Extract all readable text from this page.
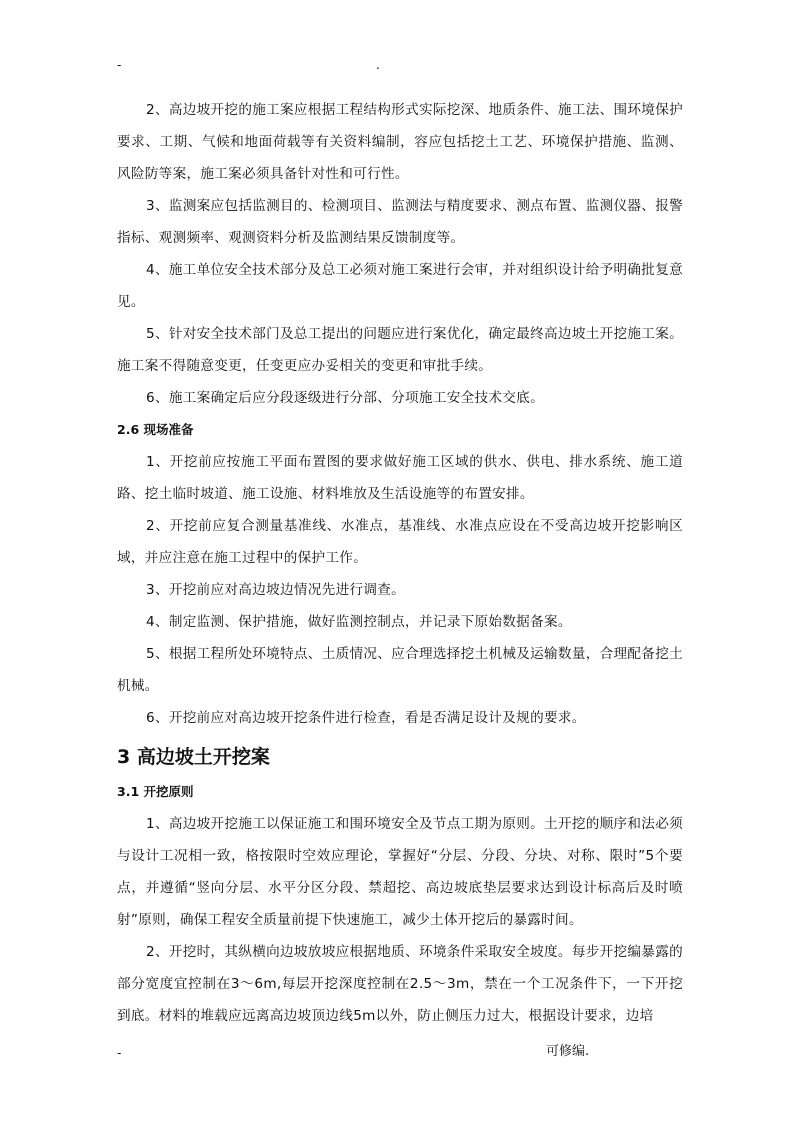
-	.

2、高边坡开挖的施工案应根据工程结构形式实际挖深、地质条件、施工法、围环境保护要求、工期、气候和地面荷载等有关资料编制，容应包括挖土工艺、环境保护措施、监测、风险防等案，施工案必须具备针对性和可行性。

3、监测案应包括监测目的、检测项目、监测法与精度要求、测点布置、监测仪器、报警指标、观测频率、观测资料分析及监测结果反馈制度等。

4、施工单位安全技术部分及总工必须对施工案进行会审，并对组织设计给予明确批复意见。

5、针对安全技术部门及总工提出的问题应进行案优化，确定最终高边坡土开挖施工案。施工案不得随意变更，任变更应办妥相关的变更和审批手续。

6、施工案确定后应分段逐级进行分部、分项施工安全技术交底。

2.6 现场准备

1、开挖前应按施工平面布置图的要求做好施工区域的供水、供电、排水系统、施工道路、挖土临时坡道、施工设施、材料堆放及生活设施等的布置安排。

2、开挖前应复合测量基准线、水准点，基准线、水准点应设在不受高边坡开挖影响区域，并应注意在施工过程中的保护工作。

3、开挖前应对高边坡边情况先进行调查。

4、制定监测、保护措施，做好监测控制点，并记录下原始数据备案。

5、根据工程所处环境特点、土质情况、应合理选择挖土机械及运输数量，合理配备挖土机械。

6、开挖前应对高边坡开挖条件进行检查，看是否满足设计及规的要求。

3 高边坡土开挖案
3.1 开挖原则

1、高边坡开挖施工以保证施工和围环境安全及节点工期为原则。土开挖的顺序和法必须与设计工况相一致，格按限时空效应理论，掌握好“分层、分段、分块、对称、限时”5个要点，并遵循“竖向分层、水平分区分段、禁超挖、高边坡底垫层要求达到设计标高后及时喷射”原则，确保工程安全质量前提下快速施工，减少土体开挖后的暴露时间。

2、开挖时，其纵横向边坡放坡应根据地质、环境条件采取安全坡度。每步开挖编暴露的部分宽度宜控制在3～6m,每层开挖深度控制在2.5～3m，禁在一个工况条件下，一下开挖到底。材料的堆载应远离高边坡顶边线5m以外，防止侧压力过大，根据设计要求，边培

-	可修编.
